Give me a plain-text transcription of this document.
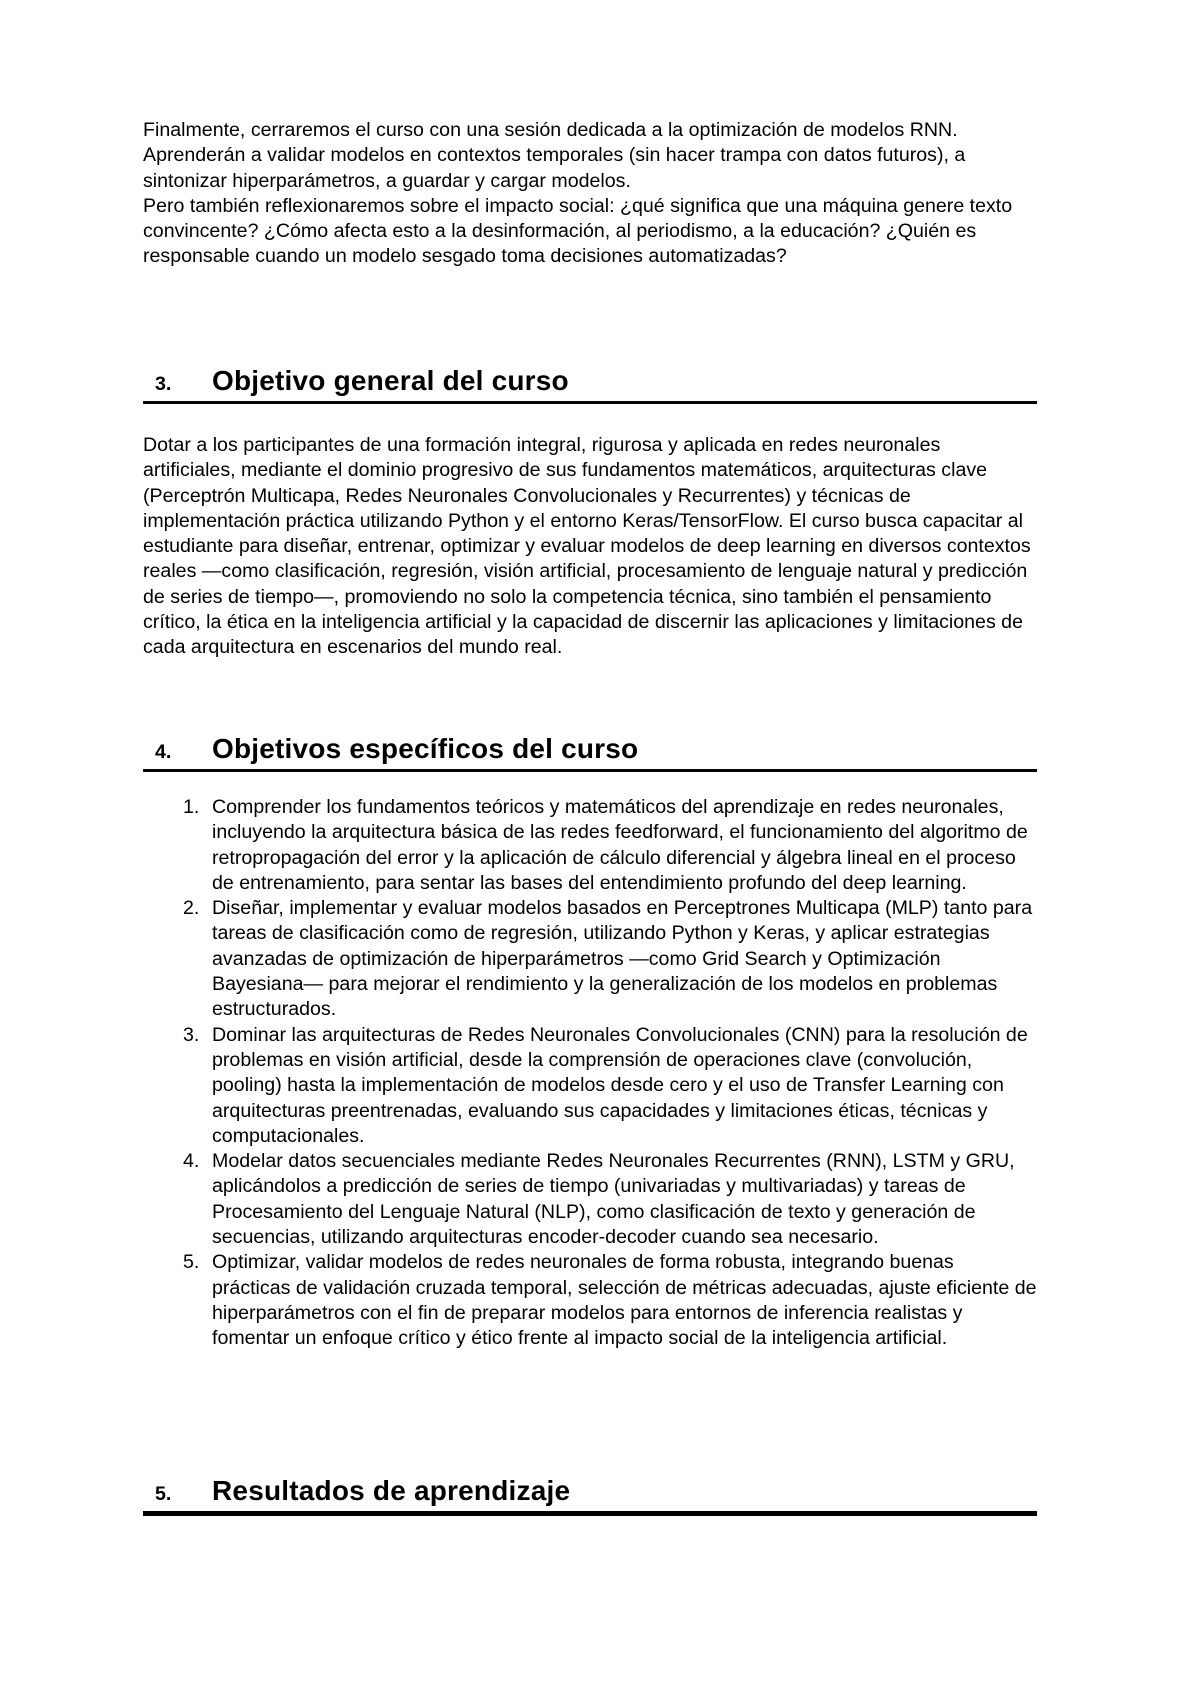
Finalmente, cerraremos el curso con una sesión dedicada a la optimización de modelos RNN. Aprenderán a validar modelos en contextos temporales (sin hacer trampa con datos futuros), a sintonizar hiperparámetros, a guardar y cargar modelos.

Pero también reflexionaremos sobre el impacto social: ¿qué significa que una máquina genere texto convincente? ¿Cómo afecta esto a la desinformación, al periodismo, a la educación? ¿Quién es responsable cuando un modelo sesgado toma decisiones automatizadas?

3.	Objetivo general del curso

Dotar a los participantes de una formación integral, rigurosa y aplicada en redes neuronales artificiales, mediante el dominio progresivo de sus fundamentos matemáticos, arquitecturas clave (Perceptrón Multicapa, Redes Neuronales Convolucionales y Recurrentes) y técnicas de implementación práctica utilizando Python y el entorno Keras/TensorFlow. El curso busca capacitar al estudiante para diseñar, entrenar, optimizar y evaluar modelos de deep learning en diversos contextos reales —como clasificación, regresión, visión artificial, procesamiento de lenguaje natural y predicción de series de tiempo—, promoviendo no solo la competencia técnica, sino también el pensamiento crítico, la ética en la inteligencia artificial y la capacidad de discernir las aplicaciones y limitaciones de cada arquitectura en escenarios del mundo real.

4.	Objetivos específicos del curso
1. Comprender los fundamentos teóricos y matemáticos del aprendizaje en redes neuronales, incluyendo la arquitectura básica de las redes feedforward, el funcionamiento del algoritmo de retropropagación del error y la aplicación de cálculo diferencial y álgebra lineal en el proceso de entrenamiento, para sentar las bases del entendimiento profundo del deep learning.
2. Diseñar, implementar y evaluar modelos basados en Perceptrones Multicapa (MLP) tanto para tareas de clasificación como de regresión, utilizando Python y Keras, y aplicar estrategias avanzadas de optimización de hiperparámetros —como Grid Search y Optimización Bayesiana— para mejorar el rendimiento y la generalización de los modelos en problemas estructurados.
3. Dominar las arquitecturas de Redes Neuronales Convolucionales (CNN) para la resolución de problemas en visión artificial, desde la comprensión de operaciones clave (convolución, pooling) hasta la implementación de modelos desde cero y el uso de Transfer Learning con arquitecturas preentrenadas, evaluando sus capacidades y limitaciones éticas, técnicas y computacionales.
4. Modelar datos secuenciales mediante Redes Neuronales Recurrentes (RNN), LSTM y GRU, aplicándolos a predicción de series de tiempo (univariadas y multivariadas) y tareas de Procesamiento del Lenguaje Natural (NLP), como clasificación de texto y generación de secuencias, utilizando arquitecturas encoder-decoder cuando sea necesario.
5. Optimizar, validar modelos de redes neuronales de forma robusta, integrando buenas prácticas de validación cruzada temporal, selección de métricas adecuadas, ajuste eficiente de hiperparámetros con el fin de preparar modelos para entornos de inferencia realistas y fomentar un enfoque crítico y ético frente al impacto social de la inteligencia artificial.
5.	Resultados de aprendizaje
